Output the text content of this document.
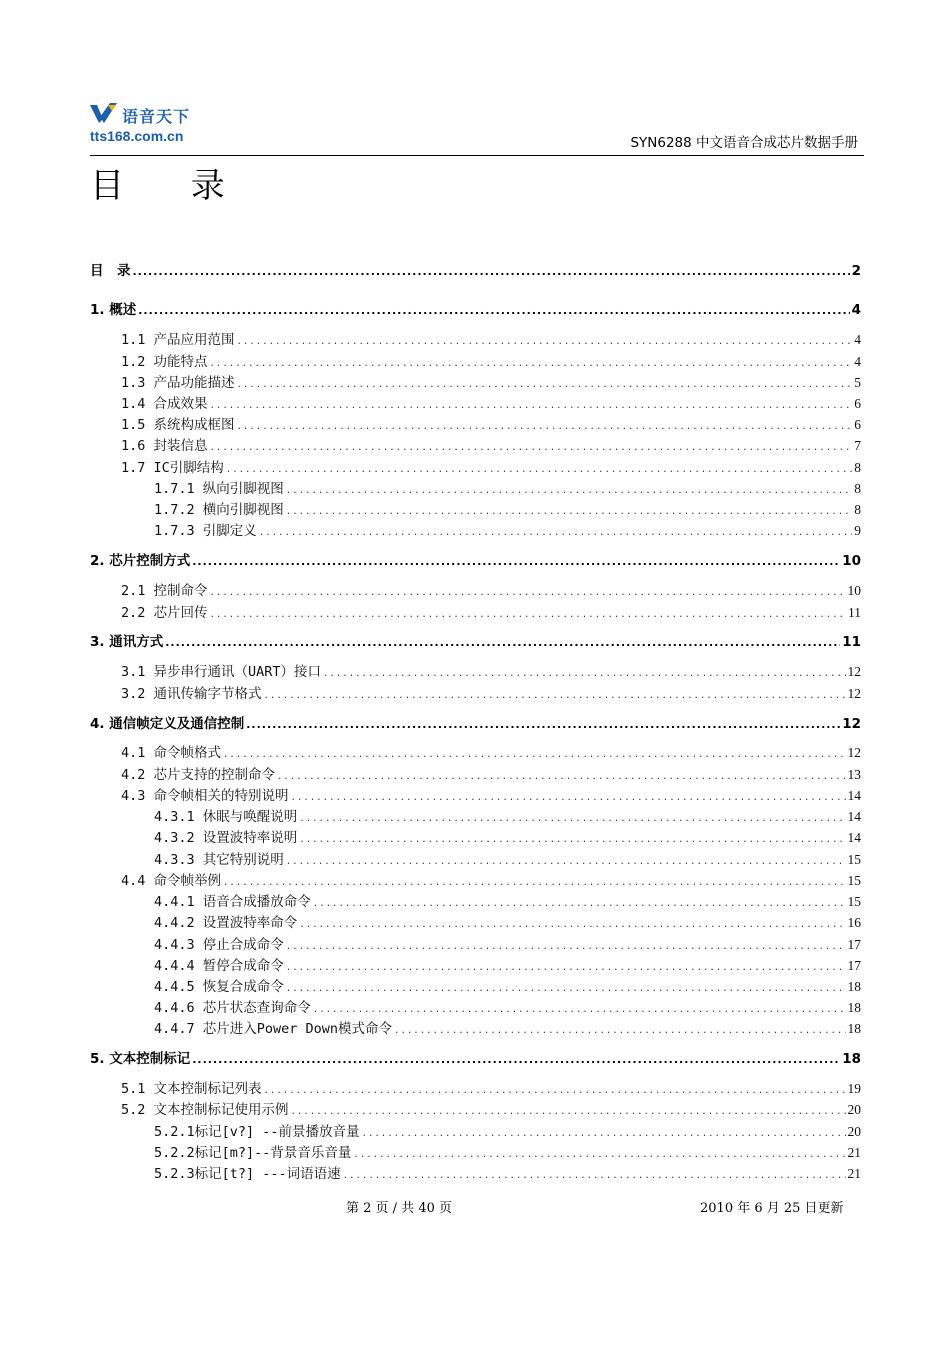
语音天下
tts168.com.cn	SYN6288 中文语音合成芯片数据手册
目 录
目　录 .....	2
1. 概述 .....	4
1.1 产品应用范围 .....	4
1.2 功能特点 .....	4
1.3 产品功能描述 .....	5
1.4 合成效果 .....	6
1.5 系统构成框图 .....	6
1.6 封装信息 .....	7
1.7 IC引脚结构 .....	8
1.7.1 纵向引脚视图 .....	8
1.7.2 横向引脚视图 .....	8
1.7.3 引脚定义 .....	9
2. 芯片控制方式 .....	10
2.1 控制命令 .....	10
2.2 芯片回传 .....	11
3. 通讯方式 .....	11
3.1 异步串行通讯（UART）接口 .....	12
3.2 通讯传输字节格式 .....	12
4. 通信帧定义及通信控制 .....	12
4.1 命令帧格式 .....	12
4.2 芯片支持的控制命令 .....	13
4.3 命令帧相关的特别说明 .....	14
4.3.1 休眠与唤醒说明 .....	14
4.3.2 设置波特率说明 .....	14
4.3.3 其它特别说明 .....	15
4.4 命令帧举例 .....	15
4.4.1 语音合成播放命令 .....	15
4.4.2 设置波特率命令 .....	16
4.4.3 停止合成命令 .....	17
4.4.4 暂停合成命令 .....	17
4.4.5 恢复合成命令 .....	18
4.4.6 芯片状态查询命令 .....	18
4.4.7 芯片进入Power Down模式命令 .....	18
5. 文本控制标记 .....	18
5.1 文本控制标记列表 .....	19
5.2 文本控制标记使用示例 .....	20
5.2.1标记[v?] --前景播放音量 .....	20
5.2.2标记[m?]--背景音乐音量 .....	21
5.2.3标记[t?] ---词语语速 .....	21
第 2 页 / 共 40 页	2010 年 6 月 25 日更新
